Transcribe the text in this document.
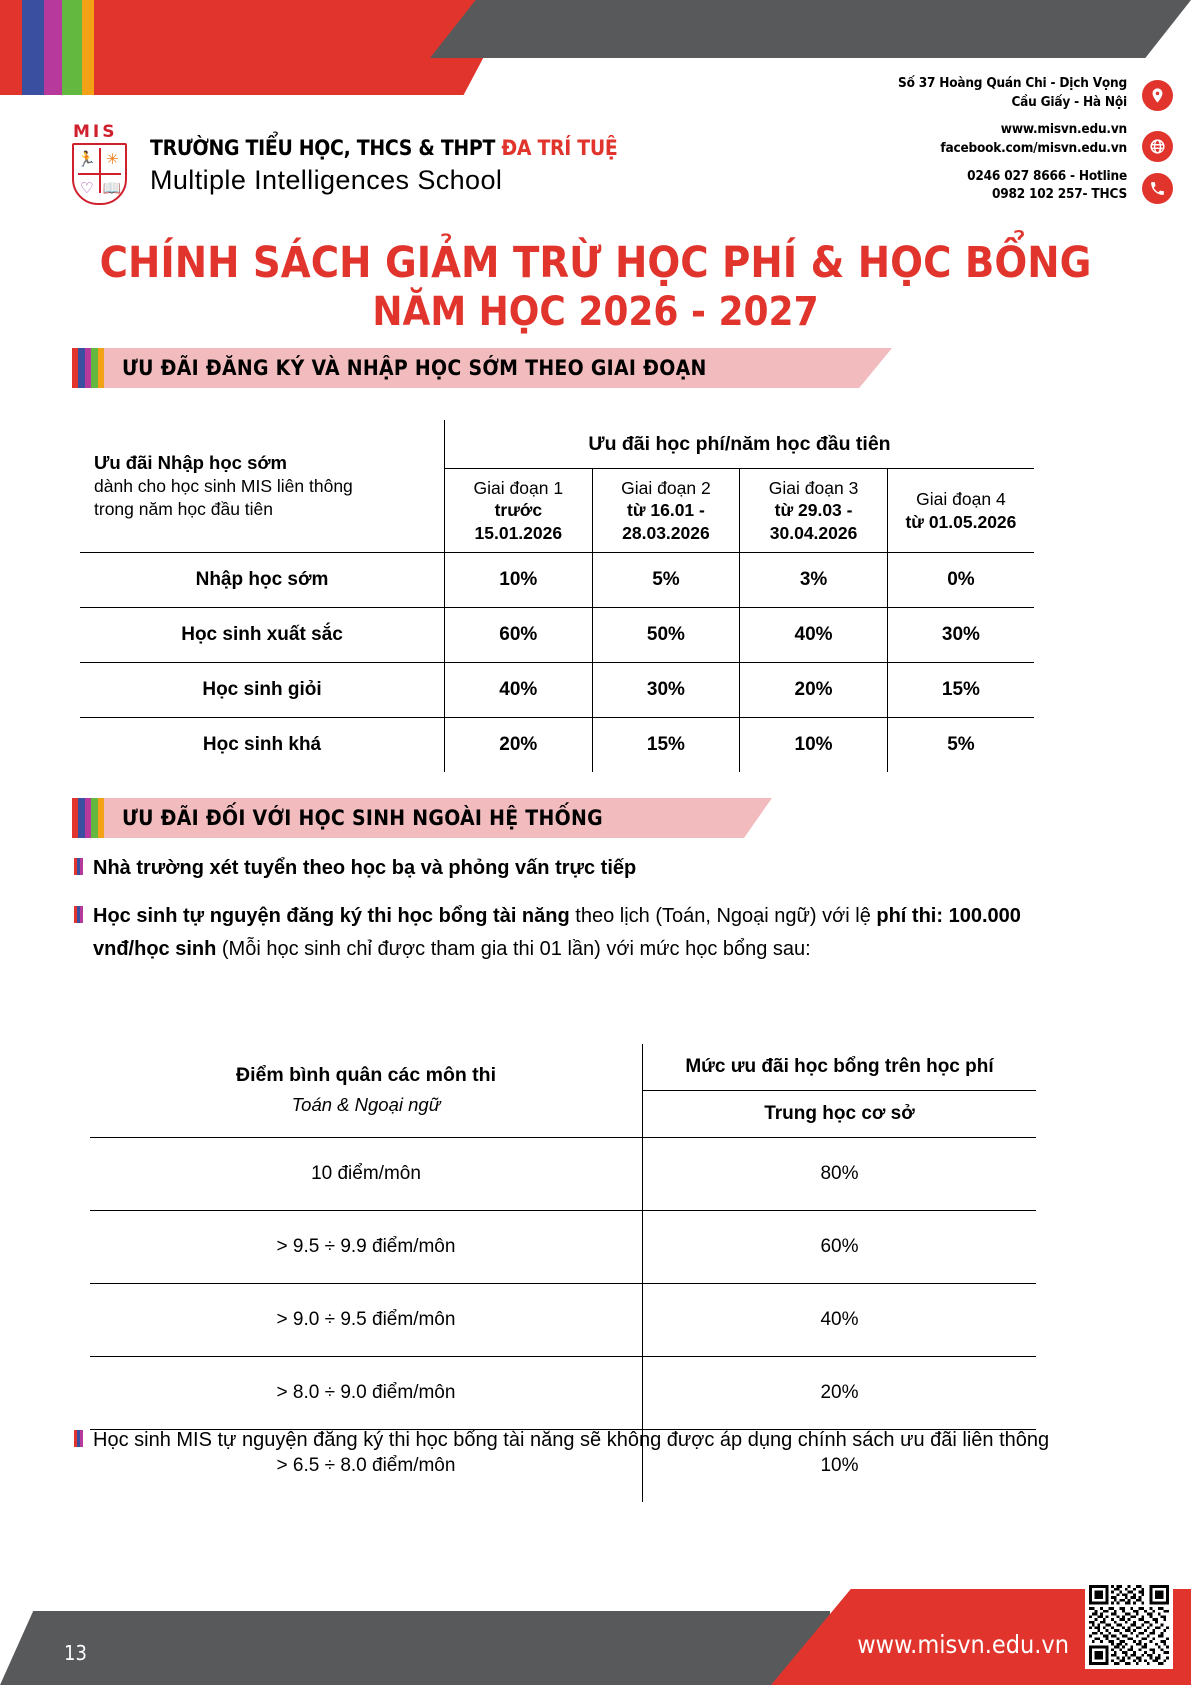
Số 37 Hoàng Quán Chi - Dịch Vọng
Cầu Giấy - Hà Nội
www.misvn.edu.vn
facebook.com/misvn.edu.vn
0246 027 8666 - Hotline
0982 102 257- THCS
MIS
🏃 ✳
♡ 📖
TRƯỜNG TIỂU HỌC, THCS & THPT ĐA TRÍ TUỆ
Multiple Intelligences School
CHÍNH SÁCH GIẢM TRỪ HỌC PHÍ & HỌC BỔNG
NĂM HỌC 2026 - 2027
ƯU ĐÃI ĐĂNG KÝ VÀ NHẬP HỌC SỚM THEO GIAI ĐOẠN
Ưu đãi Nhập học sớm
dành cho học sinh MIS liên thông
trong năm học đầu tiên	Ưu đãi học phí/năm học đầu tiên			
	Giai đoạn 1
trước
15.01.2026	Giai đoạn 2
từ 16.01 -
28.03.2026	Giai đoạn 3
từ 29.03 -
30.04.2026	Giai đoạn 4
từ 01.05.2026
Nhập học sớm	10%	5%	3%	0%
Học sinh xuất sắc	60%	50%	40%	30%
Học sinh giỏi	40%	30%	20%	15%
Học sinh khá	20%	15%	10%	5%
ƯU ĐÃI ĐỐI VỚI HỌC SINH NGOÀI HỆ THỐNG
Nhà trường xét tuyển theo học bạ và phỏng vấn trực tiếp
Học sinh tự nguyện đăng ký thi học bổng tài năng theo lịch (Toán, Ngoại ngữ) với lệ phí thi: 100.000 vnđ/học sinh (Mỗi học sinh chỉ được tham gia thi 01 lần) với mức học bổng sau:
Điểm bình quân các môn thi
Toán & Ngoại ngữ	Mức ưu đãi học bổng trên học phí
	Trung học cơ sở
10 điểm/môn	80%
> 9.5 ÷ 9.9 điểm/môn	60%
> 9.0 ÷ 9.5 điểm/môn	40%
> 8.0 ÷ 9.0 điểm/môn	20%
> 6.5 ÷ 8.0 điểm/môn	10%
Học sinh MIS tự nguyện đăng ký thi học bổng tài năng sẽ không được áp dụng chính sách ưu đãi liên thông
13	www.misvn.edu.vn
